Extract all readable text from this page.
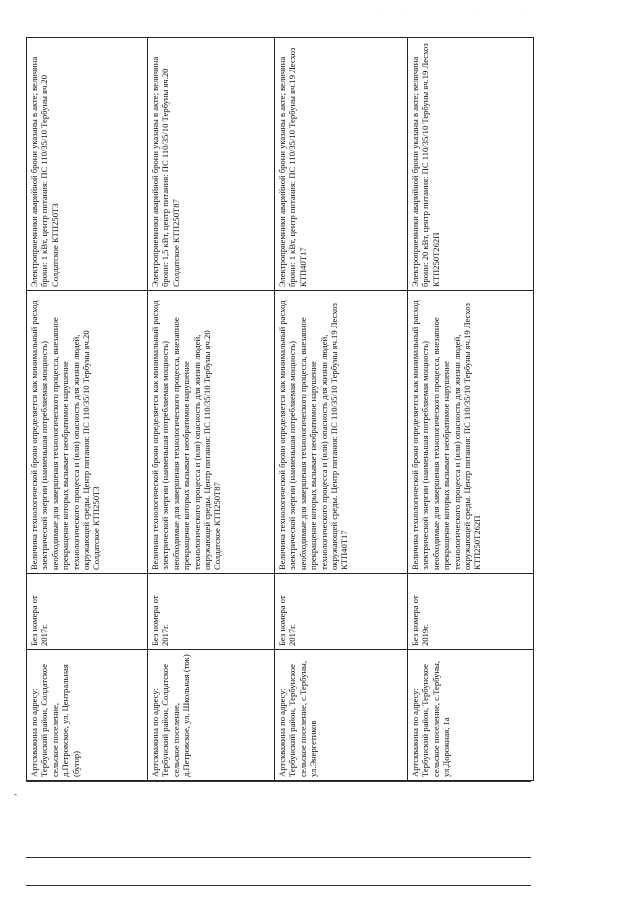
Артскважина по адресу: Тербунский район, Солдатское сельское поселение, д.Петровское, ул. Центральная (бугор)	Без номера от 2017г.	Величина технологической брони определяется как минимальный расход электрической энергии (наименьшая потребляемая мощность) необходимые для завершения технологического процесса, внезапное прекращение которых вызывает необратимое нарушение технологического процесса и (или) опасность для жизни людей, окружающей среды. Центр питания: ПС 110/35/10 Тербуны яч.20 Солдатское КТП250Т3	Электроприемники аварийной брони указаны в акте; величина брони: 1 кВт, центр питания: ПС 110/35/10 Тербуны яч.20 Солдатское КТП250Т3
Артскважина по адресу: Тербунский район, Солдатское сельское поселение, д.Петровское, ул. Школьная (ток)	Без номера от 2017г.	Величина технологической брони определяется как минимальный расход электрической энергии (наименьшая потребляемая мощность) необходимые для завершения технологического процесса, внезапное прекращение которых вызывает необратимое нарушение технологического процесса и (или) опасность для жизни людей, окружающей среды. Центр питания: ПС 110/35/10 Тербуны яч.20 Солдатское КТП250Т87	Электроприемники аварийной брони указаны в акте; величина брони: 1,5 кВт, центр питания: ПС 110/35/10 Тербуны яч.20 Солдатское КТП250Т87
Артскважина по адресу: Тербунский район, Тербунское сельское поселение, с.Тербуны, ул.Энергетиков	Без номера от 2017г.	Величина технологической брони определяется как минимальный расход электрической энергии (наименьшая потребляемая мощность) необходимые для завершения технологического процесса, внезапное прекращение которых вызывает необратимое нарушение технологического процесса и (или) опасность для жизни людей, окружающей среды. Центр питания: ПС 110/35/10 Тербуны яч.19 Лесхоз КТП40Т17	Электроприемники аварийной брони указаны в акте; величина брони: 1 кВт, центр питания: ПС 110/35/10 Тербуны яч.19 Лесхоз КТП40Т17
Артскважина по адресу: Тербунский район, Тербунское сельское поселение, с.Тербуны, ул.Дорожная, 1а	Без номера от 2019г.	Величина технологической брони определяется как минимальный расход электрической энергии (наименьшая потребляемая мощность) необходимые для завершения технологического процесса, внезапное прекращение которых вызывает необратимое нарушение технологического процесса и (или) опасность для жизни людей, окружающей среды. Центр питания: ПС 110/35/10 Тербуны яч.19 Лесхоз КТП250Т262П	Электроприемники аварийной брони указаны в акте; величина брони: 20 кВт, центр питания: ПС 110/35/10 Тербуны яч.19 Лесхоз КТП250Т262П
-
·	·	·	·
